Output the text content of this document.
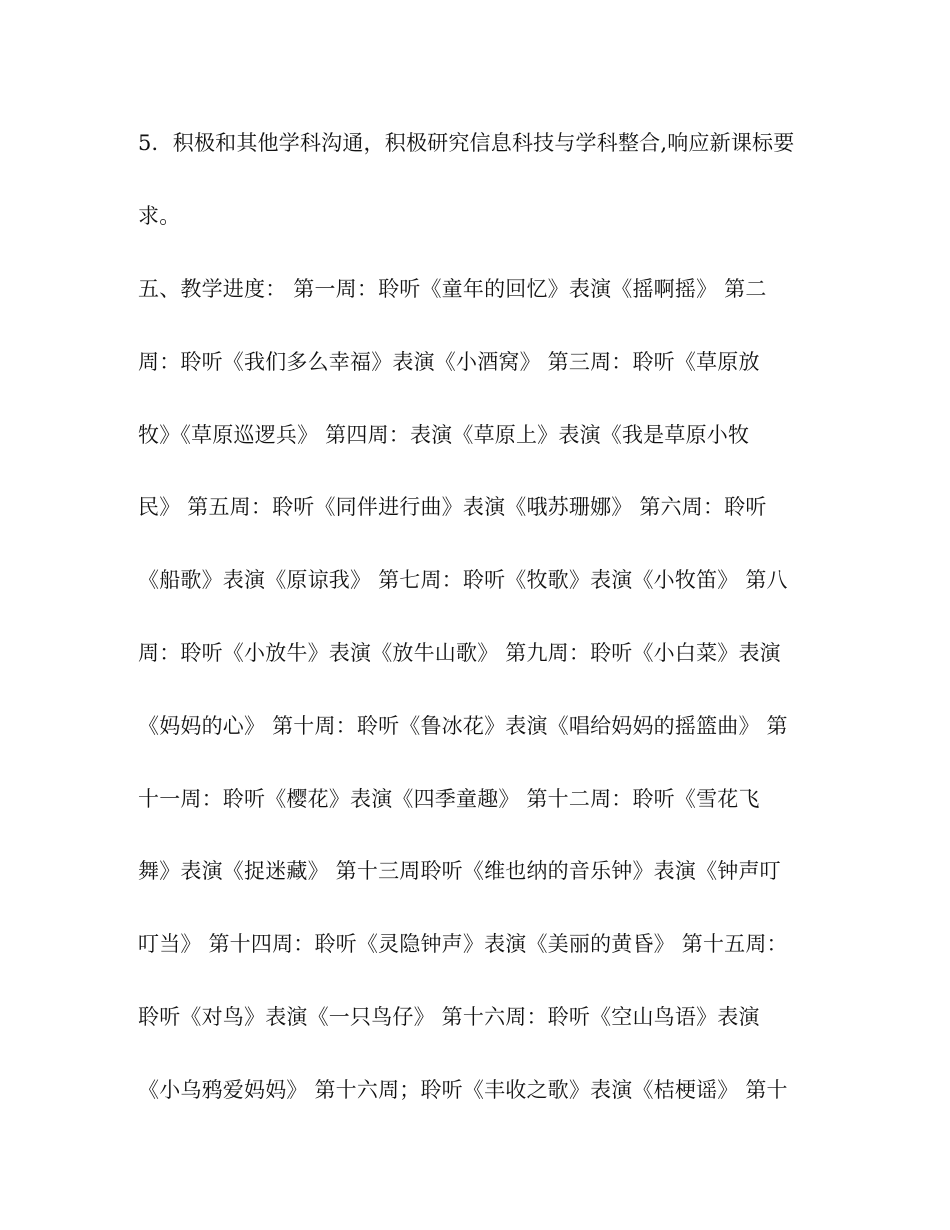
5．积极和其他学科沟通，积极研究信息科技与学科整合,响应新课标要
求。
五、教学进度： 第一周：聆听《童年的回忆》表演《摇啊摇》 第二
周：聆听《我们多么幸福》表演《小酒窝》 第三周：聆听《草原放
牧》《草原巡逻兵》 第四周：表演《草原上》表演《我是草原小牧
民》 第五周：聆听《同伴进行曲》表演《哦苏珊娜》 第六周：聆听
《船歌》表演《原谅我》 第七周：聆听《牧歌》表演《小牧笛》 第八
周：聆听《小放牛》表演《放牛山歌》 第九周：聆听《小白菜》表演
《妈妈的心》 第十周：聆听《鲁冰花》表演《唱给妈妈的摇篮曲》 第
十一周：聆听《樱花》表演《四季童趣》 第十二周：聆听《雪花飞
舞》表演《捉迷藏》 第十三周聆听《维也纳的音乐钟》表演《钟声叮
叮当》 第十四周：聆听《灵隐钟声》表演《美丽的黄昏》 第十五周：
聆听《对鸟》表演《一只鸟仔》 第十六周：聆听《空山鸟语》表演
《小乌鸦爱妈妈》 第十六周；聆听《丰收之歌》表演《桔梗谣》 第十
